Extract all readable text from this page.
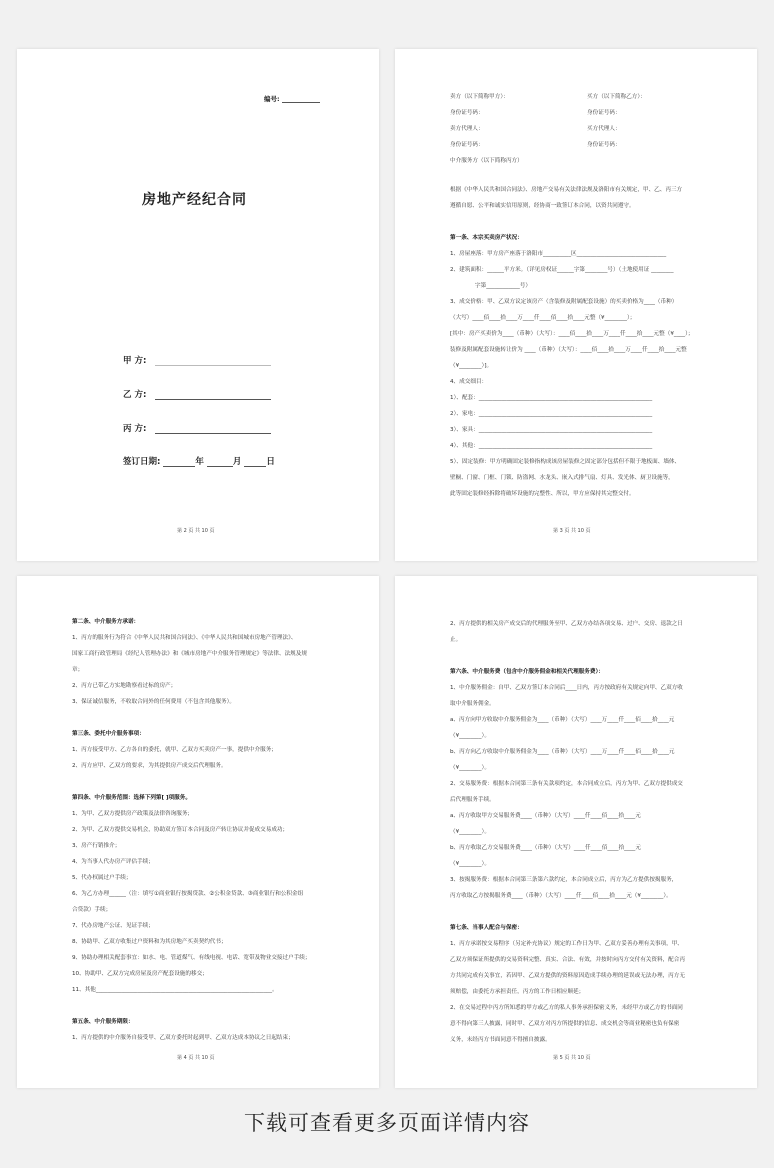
编号:
房地产经纪合同
甲 方:
乙 方:
丙 方:
签订日期:	年	月	日
第 2 页 共 10 页
卖方（以下简称甲方）：	买方（以下简称乙方）：
身份证号码：	身份证号码：
卖方代理人：	买方代理人：
身份证号码：	身份证号码：
中介服务方（以下简称丙方）
根据《中华人民共和国合同法》、房地产交易有关法律法规及洛阳市有关规定，甲、乙、丙三方
遵循自愿、公平和诚实信用原则，经协商一致签订本合同，以资共同遵守。
第一条、本宗买卖房产状况：
1、房屋座落：甲方房产座落于洛阳市__________区________________________________
2、建筑面积：______平方米。（详见房权证______字第________号）（土地使用证 ________
字第____________号）
3、成交价格：甲、乙双方议定该房产（含装修及附属配套设施）的买卖价格为____（币种）
（大写）____佰____拾____万____仟____佰____拾____元整（¥________）；
[其中：房产买卖价为____（币种）（大写）：____佰____拾____万____仟____拾____元整（¥____）；
装修及附属配套设施转让价为 ____（币种）（大写）：____佰____拾____万____仟____拾____元整
（¥________）]。
4、成交细目：
1）、配套：______________________________________________________________
2）、家电：______________________________________________________________
3）、家具：______________________________________________________________
4）、其他：______________________________________________________________
5）、固定装修：甲方明确固定装修指构成该房屋装修之固定部分包括但不限于地板面、墙体、
壁橱、门窗、门框、门锁、防盗网、水龙头、嵌入式排气扇、灯具、发光体、厨卫设施等，
此等固定装修经拆除将破坏设施的完整性、所以，甲方应保持其完整交付。
第 3 页 共 10 页
第二条、中介服务方承诺：
1、丙方的服务行为符合《中华人民共和国合同法》、《中华人民共和国城市房地产管理法》、
国家工商行政管理局《经纪人管理办法》和《城市房地产中介服务管理规定》等法律、法规及规
章；
2、丙方已带乙方实地勘察看过标的房产；
3、保证诚信服务，不收取合同外的任何费用（不包含其他服务）。
第三条、委托中介服务事项：
1、丙方接受甲方、乙方各自的委托，就甲、乙双方买卖房产一事，提供中介服务；
2、丙方应甲、乙双方的要求，为其提供房产成交后代理服务。
第四条、中介服务范围：选择下列第[ ]项服务。
1、为甲、乙双方提供房产政策及法律咨询服务；
2、为甲、乙双方提供交易机会，协助双方签订本合同及房产转让协议并促成交易成功；
3、房产行销推介；
4、为当事人代办房产评估手续；
5、代办权属过户手续；
6、为乙方办理______（注：填写①商业银行按揭贷款、②公积金贷款、③商业银行和公积金组
合贷款）手续；
7、代办房地产公证、见证手续；
8、协助甲、乙双方收集过户资料和为其房地产买卖契约代书；
9、协助办理相关配套事宜：如水、电、管道煤气、有线电视、电话、宽带及物业交接过户手续；
10、协助甲、乙双方完成房屋及房产配套设施的移交；
11、其他_______________________________________________________________。
第五条、中介服务期限：
1、丙方提供的中介服务自接受甲、乙双方委托时起到甲、乙双方达成本协议之日起结束；
第 4 页 共 10 页
2、丙方提供的相关房产成交后的代理服务至甲、乙双方办结各项交易、过户、交房、退款之日
止。
第六条、中介服务费（包含中介服务佣金和相关代理服务费）：
1、中介服务佣金：自甲、乙双方签订本合同后____日内，丙方按政府有关规定向甲、乙双方收
取中介服务佣金。
a、丙方向甲方收取中介服务佣金为____（币种）（大写）____万____仟____佰____拾____元
（¥________）。
b、丙方向乙方收取中介服务佣金为____（币种）（大写）____万____仟____佰____拾____元
（¥________）。
2、交易服务费：根据本合同第三条有关款项约定，本合同成立后，丙方为甲、乙双方提供成交
后代理服务手续。
a、丙方收取甲方交易服务费____（币种）（大写）____仟____佰____拾____元
（¥________）。
b、丙方收取乙方交易服务费____（币种）（大写）____仟____佰____拾____元
（¥________）。
3、按揭服务费：根据本合同第三条第六款约定，本合同成立后，丙方为乙方提供按揭服务，
丙方收取乙方按揭服务费____（币种）（大写）____仟____佰____拾____元（¥________）。
第七条、当事人配合与保密：
1、丙方承诺按交易程序（另定补充协议）规定的工作日为甲、乙双方妥善办理有关事项，甲、
乙双方须保证所提供的交易资料完整、真实、合法、有效，并按时向丙方交付有关资料，配合丙
方共同完成有关事宜，若因甲、乙双方提供的资料原因造成手续办理的延误或无法办理，丙方无
须赔偿，由委托方承担责任，丙方的工作日相应顺延；
2、在交易过程中丙方所知悉的甲方或乙方的私人事务承担保密义务，未经甲方或乙方的书面同
意不得向第三人披露，同时甲、乙双方对丙方所提供的信息、成交机会等商业秘密也负有保密
义务，未经丙方书面同意不得擅自披露。
第 5 页 共 10 页
下载可查看更多页面详情内容
